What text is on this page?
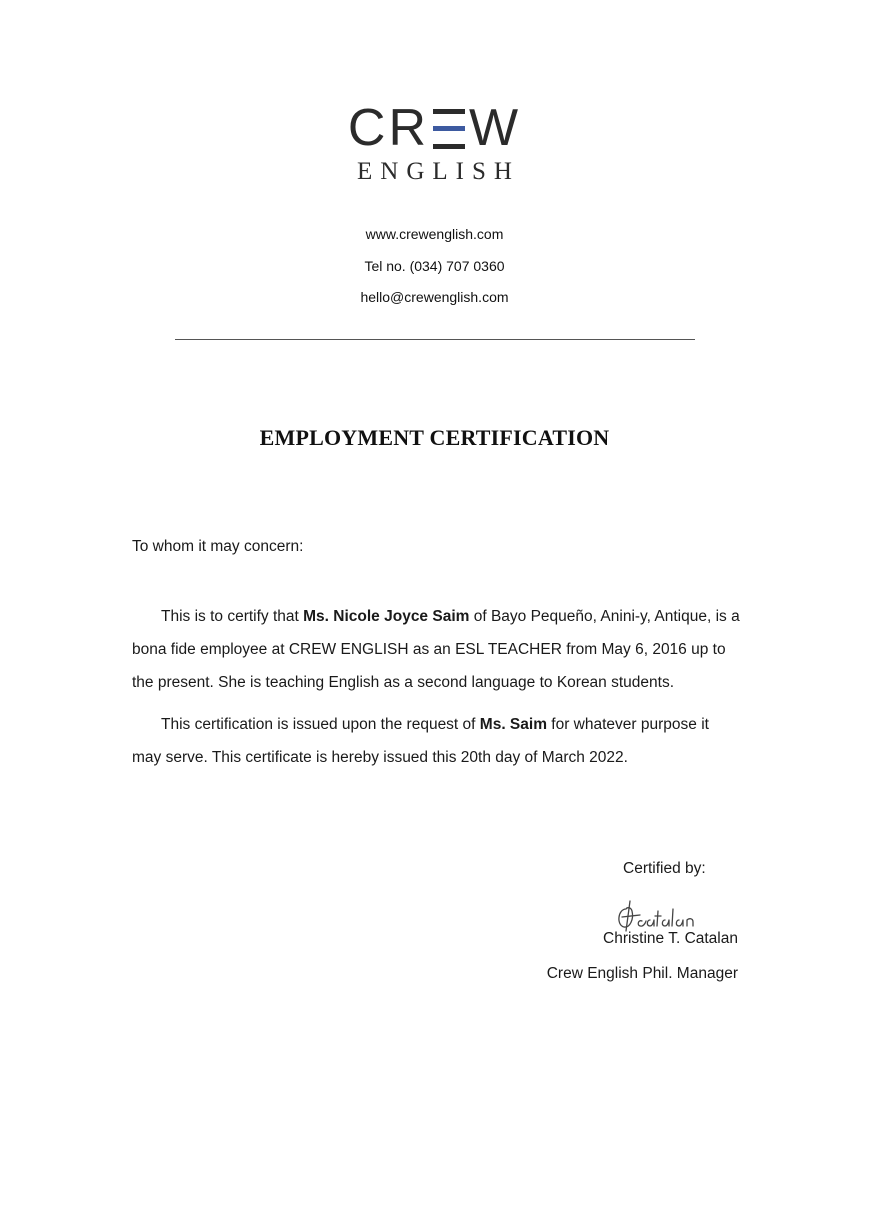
CR W
ENGLISH
www.crewenglish.com
Tel no. (034) 707 0360
hello@crewenglish.com
EMPLOYMENT CERTIFICATION
To whom it may concern:
This is to certify that Ms. Nicole Joyce Saim of Bayo Pequeño, Anini-y, Antique, is a bona fide employee at CREW ENGLISH as an ESL TEACHER from May 6, 2016 up to the present. She is teaching English as a second language to Korean students.
This certification is issued upon the request of Ms. Saim for whatever purpose it may serve. This certificate is hereby issued this 20th day of March 2022.
Certified by:
Christine T. Catalan
Crew English Phil. Manager
